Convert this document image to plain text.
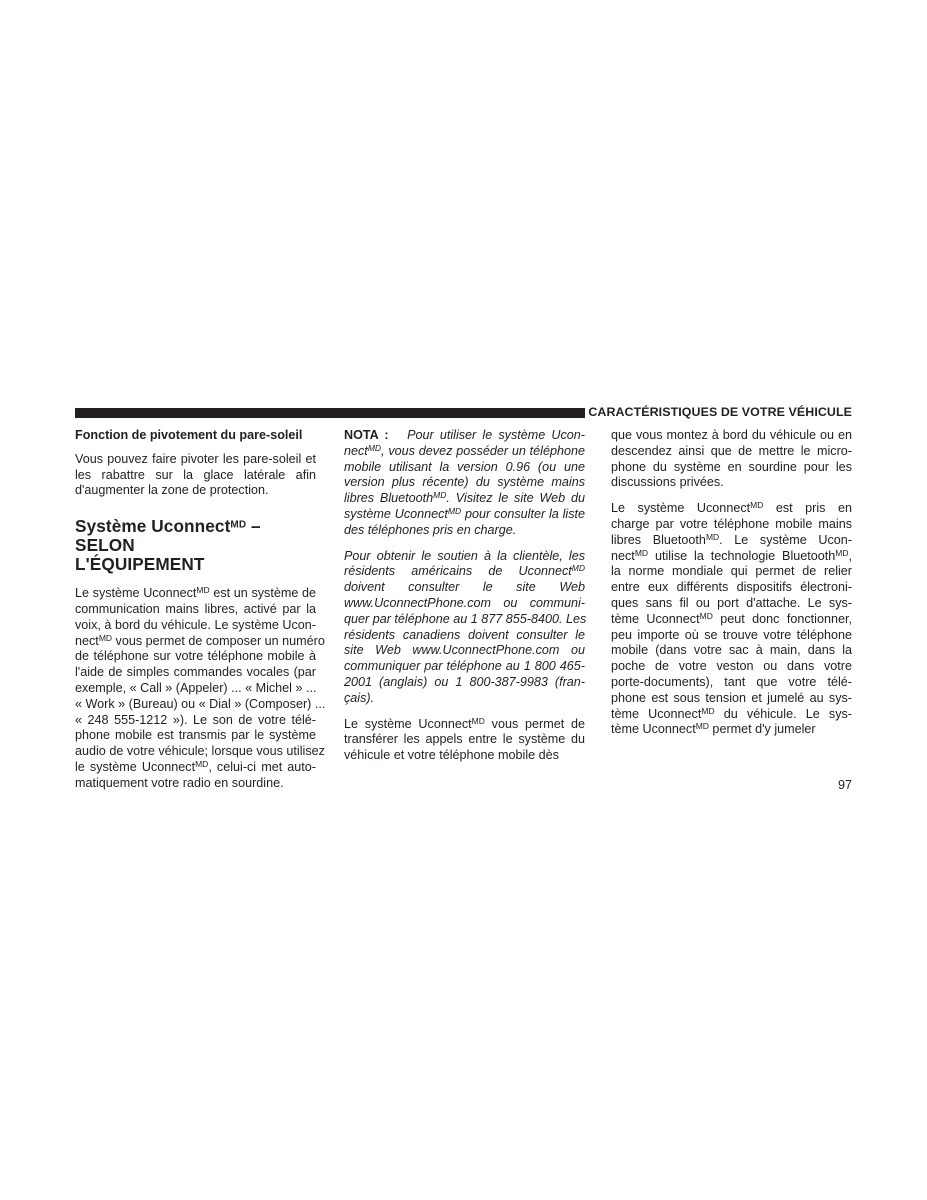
CARACTÉRISTIQUES DE VOTRE VÉHICULE
Fonction de pivotement du pare-soleil

Vous pouvez faire pivoter les pare-soleil et
les rabattre sur la glace latérale afin
d'augmenter la zone de protection.

Système Uconnect$^{MD}$ – SELON
L'ÉQUIPEMENT

Le système Uconnect$^{MD}$ est un système de
communication mains libres, activé par la
voix, à bord du véhicule. Le système Ucon-
nect$^{MD}$ vous permet de composer un numéro
de téléphone sur votre téléphone mobile à
l'aide de simples commandes vocales (par
exemple, « Call » (Appeler) ... « Michel » ...
« Work » (Bureau) ou « Dial » (Composer) ...
« 248 555-1212 »). Le son de votre télé-
phone mobile est transmis par le système
audio de votre véhicule; lorsque vous utilisez
le système Uconnect$^{MD}$, celui-ci met auto-
matiquement votre radio en sourdine.

NOTA :   Pour utiliser le système Ucon-
nect$^{MD}$, vous devez posséder un téléphone
mobile utilisant la version 0.96 (ou une
version plus récente) du système mains
libres Bluetooth$^{MD}$. Visitez le site Web du
système Uconnect$^{MD}$ pour consulter la liste
des téléphones pris en charge.

Pour obtenir le soutien à la clientèle, les
résidents américains de Uconnect$^{MD}$
doivent consulter le site Web
www.UconnectPhone.com ou communi-
quer par téléphone au 1 877 855-8400. Les
résidents canadiens doivent consulter le
site Web www.UconnectPhone.com ou
communiquer par téléphone au 1 800 465-
2001 (anglais) ou 1 800-387-9983 (fran-
çais).

Le système Uconnect$^{MD}$ vous permet de
transférer les appels entre le système du
véhicule et votre téléphone mobile dès

que vous montez à bord du véhicule ou en
descendez ainsi que de mettre le micro-
phone du système en sourdine pour les
discussions privées.

Le système Uconnect$^{MD}$ est pris en
charge par votre téléphone mobile mains
libres Bluetooth$^{MD}$. Le système Ucon-
nect$^{MD}$ utilise la technologie Bluetooth$^{MD}$,
la norme mondiale qui permet de relier
entre eux différents dispositifs électroni-
ques sans fil ou port d'attache. Le sys-
tème Uconnect$^{MD}$ peut donc fonctionner,
peu importe où se trouve votre téléphone
mobile (dans votre sac à main, dans la
poche de votre veston ou dans votre
porte-documents), tant que votre télé-
phone est sous tension et jumelé au sys-
tème Uconnect$^{MD}$ du véhicule. Le sys-
tème Uconnect$^{MD}$ permet d'y jumeler

97
